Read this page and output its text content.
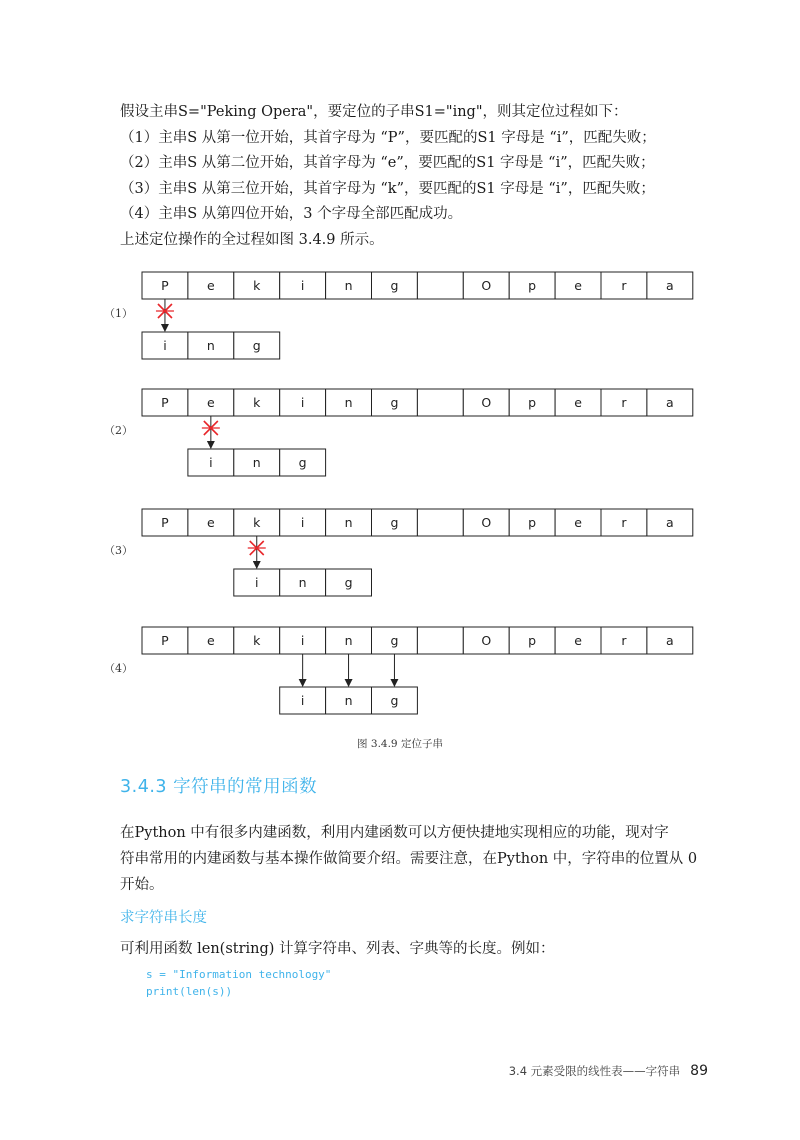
假设主串S="Peking Opera"，要定位的子串S1="ing"，则其定位过程如下：

（1）主串S 从第一位开始，其首字母为 “P”，要匹配的S1 字母是 “i”，匹配失败；

（2）主串S 从第二位开始，其首字母为 “e”，要匹配的S1 字母是 “i”，匹配失败；

（3）主串S 从第三位开始，其首字母为 “k”，要匹配的S1 字母是 “i”，匹配失败；

（4）主串S 从第四位开始，3 个字母全部匹配成功。

上述定位操作的全过程如图 3.4.9 所示。

P	e	k	i	n	g	O	p	e	r	a
i	n	g
（1）
P	e	k	i	n	g	O	p	e	r	a
i	n	g
（2）
P	e	k	i	n	g	O	p	e	r	a
i	n	g
（3）
P	e	k	i	n	g	O	p	e	r	a
i	n	g
（4）
图 3.4.9 定位子串
3.4.3 字符串的常用函数
在Python 中有很多内建函数，利用内建函数可以方便快捷地实现相应的功能，现对字
符串常用的内建函数与基本操作做简要介绍。需要注意，在Python 中，字符串的位置从 0
开始。
求字符串长度
可利用函数 len(string) 计算字符串、列表、字典等的长度。例如：
s = "Information technology"
print(len(s))
3.4 元素受限的线性表——字符串 89
